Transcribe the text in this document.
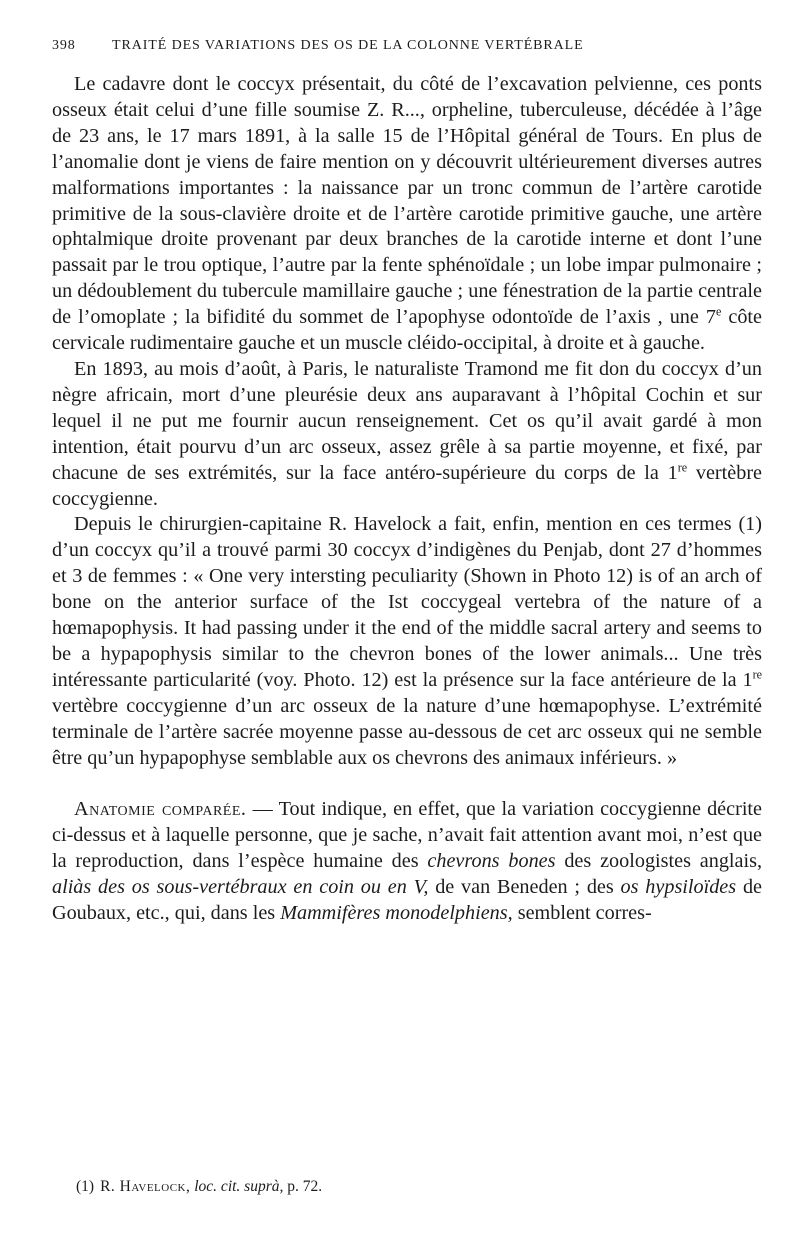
398	TRAITÉ DES VARIATIONS DES OS DE LA COLONNE VERTÉBRALE

Le cadavre dont le coccyx présentait, du côté de l’excavation pelvienne, ces ponts osseux était celui d’une fille soumise Z. R..., orpheline, tuberculeuse, décédée à l’âge de 23 ans, le 17 mars 1891, à la salle 15 de l’Hôpital général de Tours. En plus de l’anomalie dont je viens de faire mention on y découvrit ultérieurement diverses autres malformations importantes : la naissance par un tronc commun de l’artère carotide primitive de la sous-clavière droite et de l’artère carotide primitive gauche, une artère ophtalmique droite provenant par deux branches de la carotide interne et dont l’une passait par le trou optique, l’autre par la fente sphénoïdale ; un lobe impar pulmonaire ; un dédoublement du tubercule mamillaire gauche ; une fénestration de la partie centrale de l’omoplate ; la bifidité du sommet de l’apophyse odontoïde de l’axis , une 7e côte cervicale rudimentaire gauche et un muscle cléido-occipital, à droite et à gauche.

En 1893, au mois d’août, à Paris, le naturaliste Tramond me fit don du coccyx d’un nègre africain, mort d’une pleurésie deux ans auparavant à l’hôpital Cochin et sur lequel il ne put me fournir aucun renseignement. Cet os qu’il avait gardé à mon intention, était pourvu d’un arc osseux, assez grêle à sa partie moyenne, et fixé, par chacune de ses extrémités, sur la face antéro-supérieure du corps de la 1re vertèbre coccygienne.

Depuis le chirurgien-capitaine R. Havelock a fait, enfin, mention en ces termes (1) d’un coccyx qu’il a trouvé parmi 30 coccyx d’indigènes du Penjab, dont 27 d’hommes et 3 de femmes : « One very intersting peculiarity (Shown in Photo 12) is of an arch of bone on the anterior surface of the Ist coccygeal vertebra of the nature of a hœmapophysis. It had passing under it the end of the middle sacral artery and seems to be a hypapophysis similar to the chevron bones of the lower animals... Une très intéressante particularité (voy. Photo. 12) est la présence sur la face antérieure de la 1re vertèbre coccygienne d’un arc osseux de la nature d’une hœmapophyse. L’extrémité terminale de l’artère sacrée moyenne passe au-dessous de cet arc osseux qui ne semble être qu’un hypapophyse semblable aux os chevrons des animaux inférieurs. »

Anatomie comparée. — Tout indique, en effet, que la variation coccygienne décrite ci-dessus et à laquelle personne, que je sache, n’avait fait attention avant moi, n’est que la reproduction, dans l’espèce humaine des chevrons bones des zoologistes anglais, aliàs des os sous-vertébraux en coin ou en V, de van Beneden ; des os hypsiloïdes de Goubaux, etc., qui, dans les Mammifères monodelphiens, semblent corres-

(1) R. Havelock, loc. cit. suprà, p. 72.
